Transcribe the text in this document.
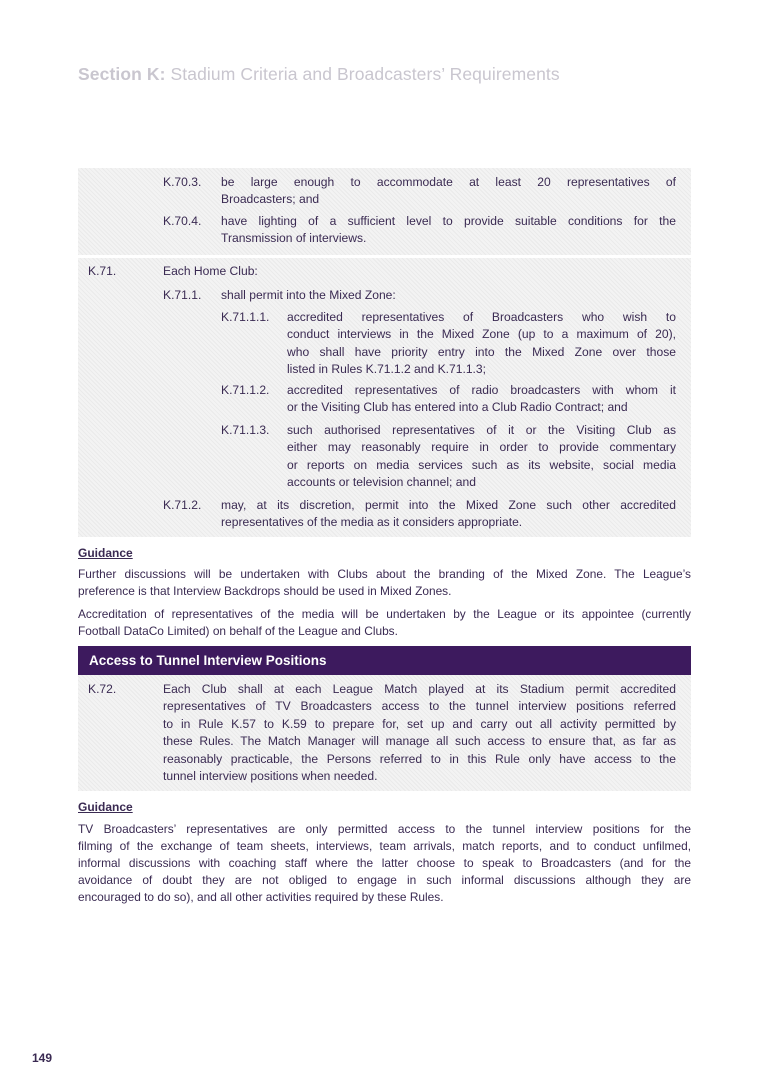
Section K: Stadium Criteria and Broadcasters’ Requirements
K.70.3. be large enough to accommodate at least 20 representatives of
Broadcasters; and
K.70.4. have lighting of a sufficient level to provide suitable conditions for the
Transmission of interviews.
K.71.	Each Home Club:
K.71.1. shall permit into the Mixed Zone:
K.71.1.1. accredited representatives of Broadcasters who wish to
conduct interviews in the Mixed Zone (up to a maximum of 20),
who shall have priority entry into the Mixed Zone over those
listed in Rules K.71.1.2 and K.71.1.3;
K.71.1.2. accredited representatives of radio broadcasters with whom it
or the Visiting Club has entered into a Club Radio Contract; and
K.71.1.3. such authorised representatives of it or the Visiting Club as
either may reasonably require in order to provide commentary
or reports on media services such as its website, social media
accounts or television channel; and
K.71.2. may, at its discretion, permit into the Mixed Zone such other accredited
representatives of the media as it considers appropriate.
Guidance
Further discussions will be undertaken with Clubs about the branding of the Mixed Zone. The League’s
preference is that Interview Backdrops should be used in Mixed Zones.
Accreditation of representatives of the media will be undertaken by the League or its appointee (currently
Football DataCo Limited) on behalf of the League and Clubs.
Access to Tunnel Interview Positions
K.72.	Each Club shall at each League Match played at its Stadium permit accredited
representatives of TV Broadcasters access to the tunnel interview positions referred
to in Rule K.57 to K.59 to prepare for, set up and carry out all activity permitted by
these Rules. The Match Manager will manage all such access to ensure that, as far as
reasonably practicable, the Persons referred to in this Rule only have access to the
tunnel interview positions when needed.
Guidance
TV Broadcasters’ representatives are only permitted access to the tunnel interview positions for the
filming of the exchange of team sheets, interviews, team arrivals, match reports, and to conduct unfilmed,
informal discussions with coaching staff where the latter choose to speak to Broadcasters (and for the
avoidance of doubt they are not obliged to engage in such informal discussions although they are
encouraged to do so), and all other activities required by these Rules.
149
